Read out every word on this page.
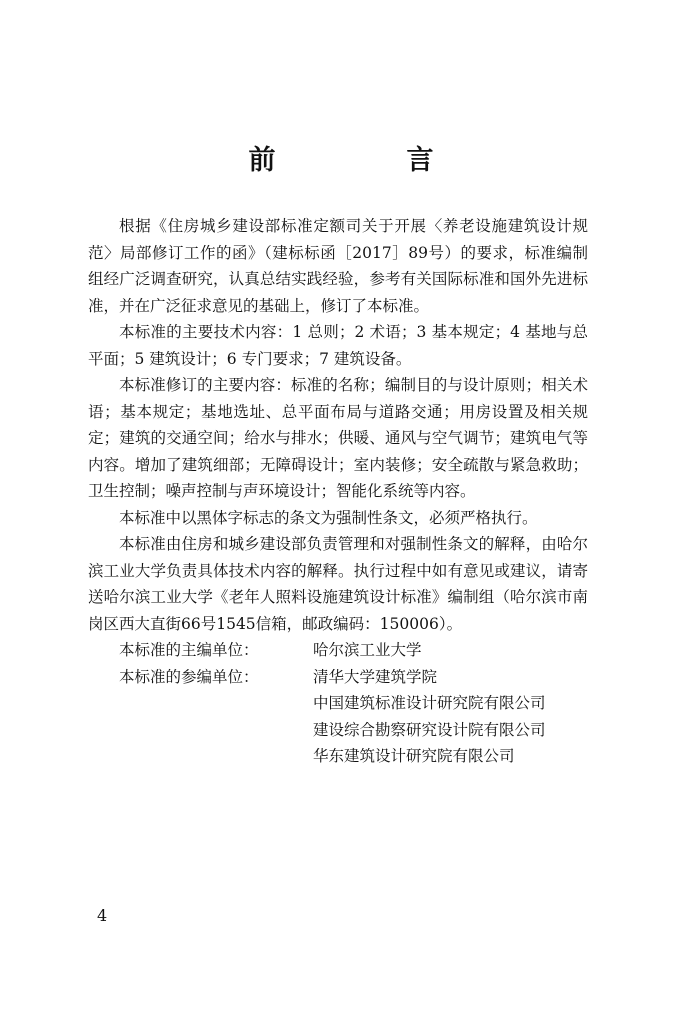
前　言

根据《住房城乡建设部标准定额司关于开展〈养老设施建筑设计规范〉局部修订工作的函》（建标标函［2017］89号）的要求，标准编制组经广泛调查研究，认真总结实践经验，参考有关国际标准和国外先进标准，并在广泛征求意见的基础上，修订了本标准。

本标准的主要技术内容：1 总则；2 术语；3 基本规定；4 基地与总平面；5 建筑设计；6 专门要求；7 建筑设备。

本标准修订的主要内容：标准的名称；编制目的与设计原则；相关术语；基本规定；基地选址、总平面布局与道路交通；用房设置及相关规定；建筑的交通空间；给水与排水；供暖、通风与空气调节；建筑电气等内容。增加了建筑细部；无障碍设计；室内装修；安全疏散与紧急救助；卫生控制；噪声控制与声环境设计；智能化系统等内容。

本标准中以黑体字标志的条文为强制性条文，必须严格执行。

本标准由住房和城乡建设部负责管理和对强制性条文的解释，由哈尔滨工业大学负责具体技术内容的解释。执行过程中如有意见或建议，请寄送哈尔滨工业大学《老年人照料设施建筑设计标准》编制组（哈尔滨市南岗区西大直街66号1545信箱，邮政编码：150006）。

本标准的主编单位：	哈尔滨工业大学
本标准的参编单位：	清华大学建筑学院
中国建筑标准设计研究院有限公司
建设综合勘察研究设计院有限公司
华东建筑设计研究院有限公司
4
